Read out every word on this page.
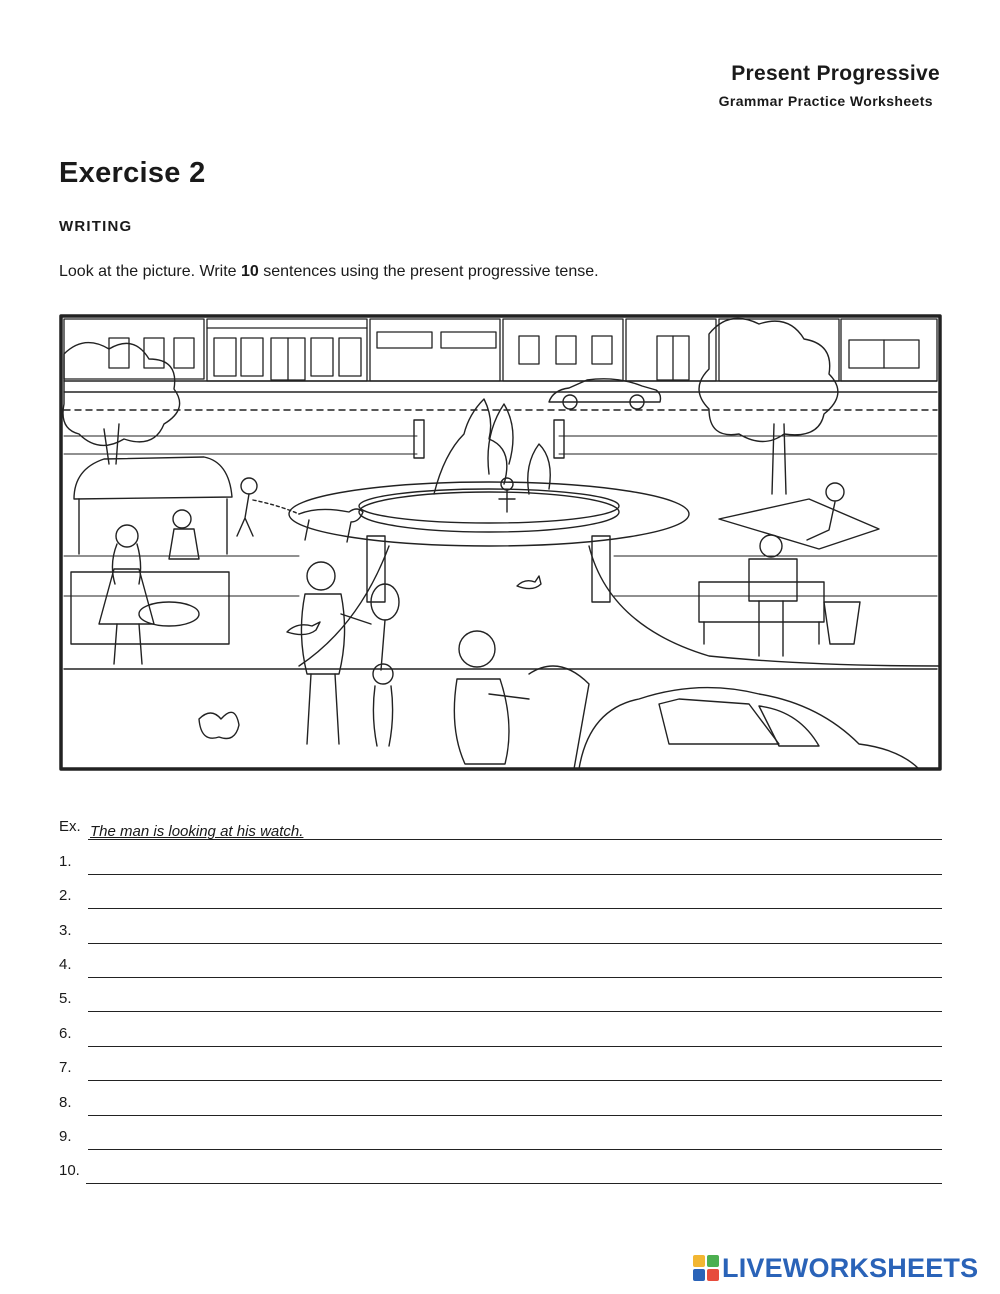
Present Progressive
Grammar Practice Worksheets
Exercise 2
WRITING
Look at the picture. Write 10 sentences using the present progressive tense.
Ex. The man is looking at his watch.
1.
2.
3.
4.
5.
6.
7.
8.
9.
10.
LIVEWORKSHEETS
